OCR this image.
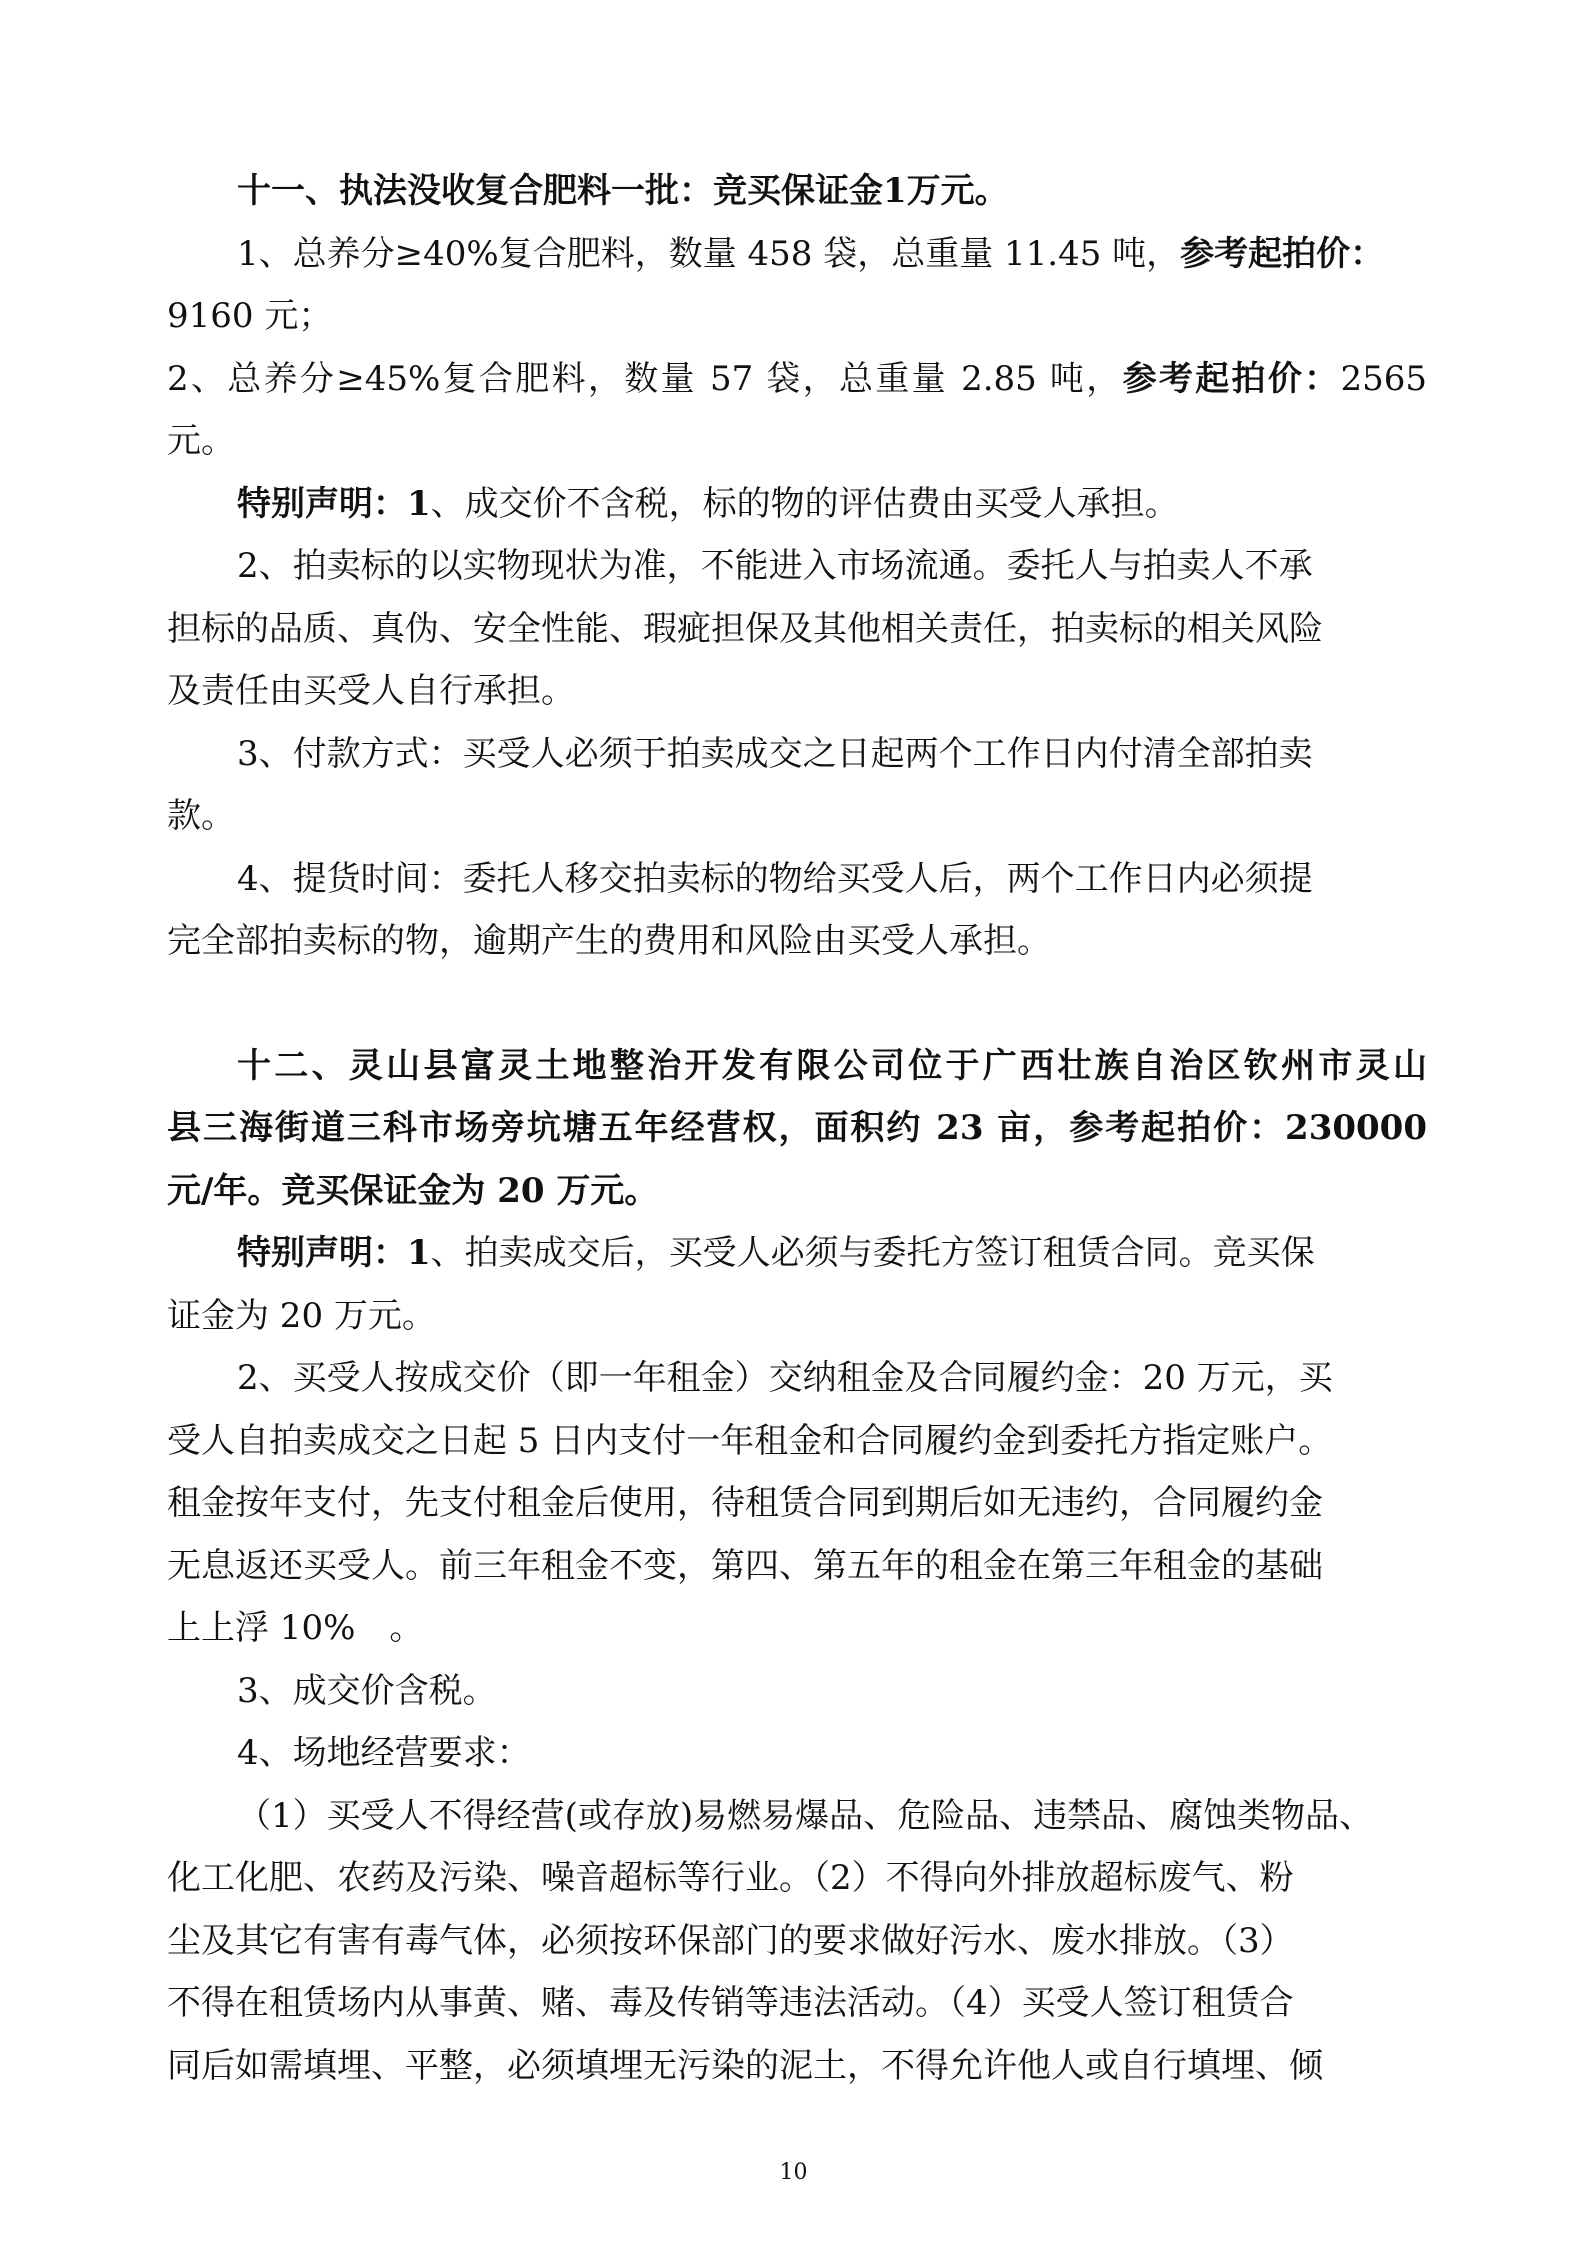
十一、执法没收复合肥料一批：竞买保证金1万元。
1、总养分≥40%复合肥料，数量 458 袋，总重量 11.45 吨，参考起拍价：
9160 元；
2、总养分≥45%复合肥料，数量 57 袋，总重量 2.85 吨，参考起拍价：2565
元。
特别声明：1、成交价不含税，标的物的评估费由买受人承担。
2、拍卖标的以实物现状为准，不能进入市场流通。委托人与拍卖人不承
担标的品质、真伪、安全性能、瑕疵担保及其他相关责任，拍卖标的相关风险
及责任由买受人自行承担。
3、付款方式：买受人必须于拍卖成交之日起两个工作日内付清全部拍卖
款。
4、提货时间：委托人移交拍卖标的物给买受人后，两个工作日内必须提
完全部拍卖标的物，逾期产生的费用和风险由买受人承担。
十二、灵山县富灵土地整治开发有限公司位于广西壮族自治区钦州市灵山
县三海街道三科市场旁坑塘五年经营权，面积约 23 亩，参考起拍价：230000
元/年。竞买保证金为 20 万元。
特别声明：1、拍卖成交后，买受人必须与委托方签订租赁合同。竞买保
证金为 20 万元。
2、买受人按成交价（即一年租金）交纳租金及合同履约金：20 万元，买
受人自拍卖成交之日起 5 日内支付一年租金和合同履约金到委托方指定账户。
租金按年支付，先支付租金后使用，待租赁合同到期后如无违约，合同履约金
无息返还买受人。前三年租金不变，第四、第五年的租金在第三年租金的基础
上上浮 10%　。
3、成交价含税。
4、场地经营要求：
（1）买受人不得经营(或存放)易燃易爆品、危险品、违禁品、腐蚀类物品、
化工化肥、农药及污染、噪音超标等行业。（2）不得向外排放超标废气、粉
尘及其它有害有毒气体，必须按环保部门的要求做好污水、废水排放。（3）
不得在租赁场内从事黄、赌、毒及传销等违法活动。（4）买受人签订租赁合
同后如需填埋、平整，必须填埋无污染的泥土，不得允许他人或自行填埋、倾
10
